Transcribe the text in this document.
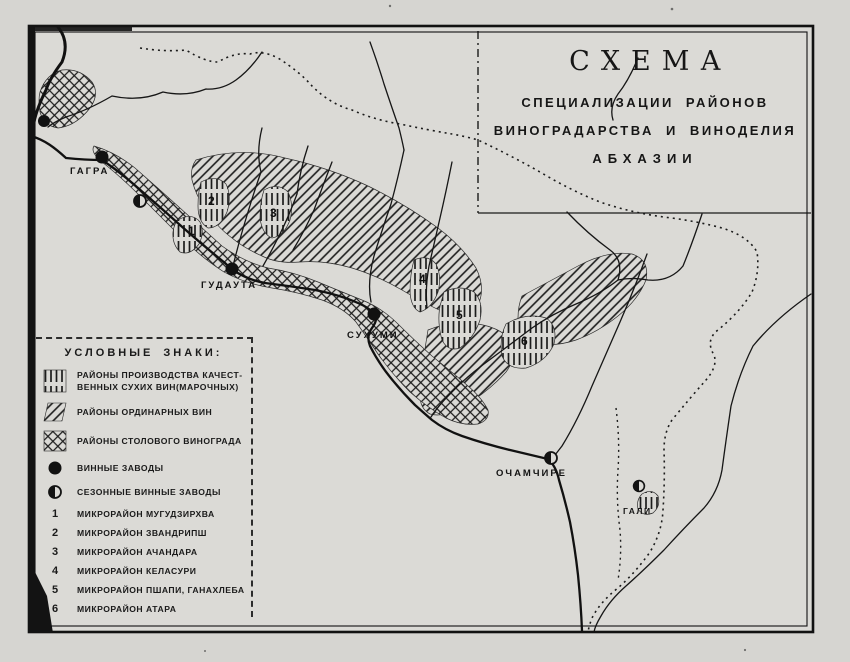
СХЕМА
СПЕЦИАЛИЗАЦИИ РАЙОНОВ
ВИНОГРАДАРСТВА И ВИНОДЕЛИЯ
АБХАЗИИ
УСЛОВНЫЕ ЗНАКИ:
РАЙОНЫ ПРОИЗВОДСТВА КАЧЕСТ-ВЕННЫХ СУХИХ ВИН(МАРОЧНЫХ)
РАЙОНЫ ОРДИНАРНЫХ ВИН
РАЙОНЫ СТОЛОВОГО ВИНОГРАДА
ВИННЫЕ ЗАВОДЫ
СЕЗОННЫЕ ВИННЫЕ ЗАВОДЫ
1	МИКРОРАЙОН МУГУДЗИРХВА
2	МИКРОРАЙОН ЗВАНДРИПШ
3	МИКРОРАЙОН АЧАНДАРА
4	МИКРОРАЙОН КЕЛАСУРИ
5	МИКРОРАЙОН ПШАПИ, ГАНАХЛЕБА
6	МИКРОРАЙОН АТАРА
ГАГРА
ГУДАУТА
СУХУМИ
ОЧАМЧИРЕ
ГАЛИ
1
2
3
4
5
6
